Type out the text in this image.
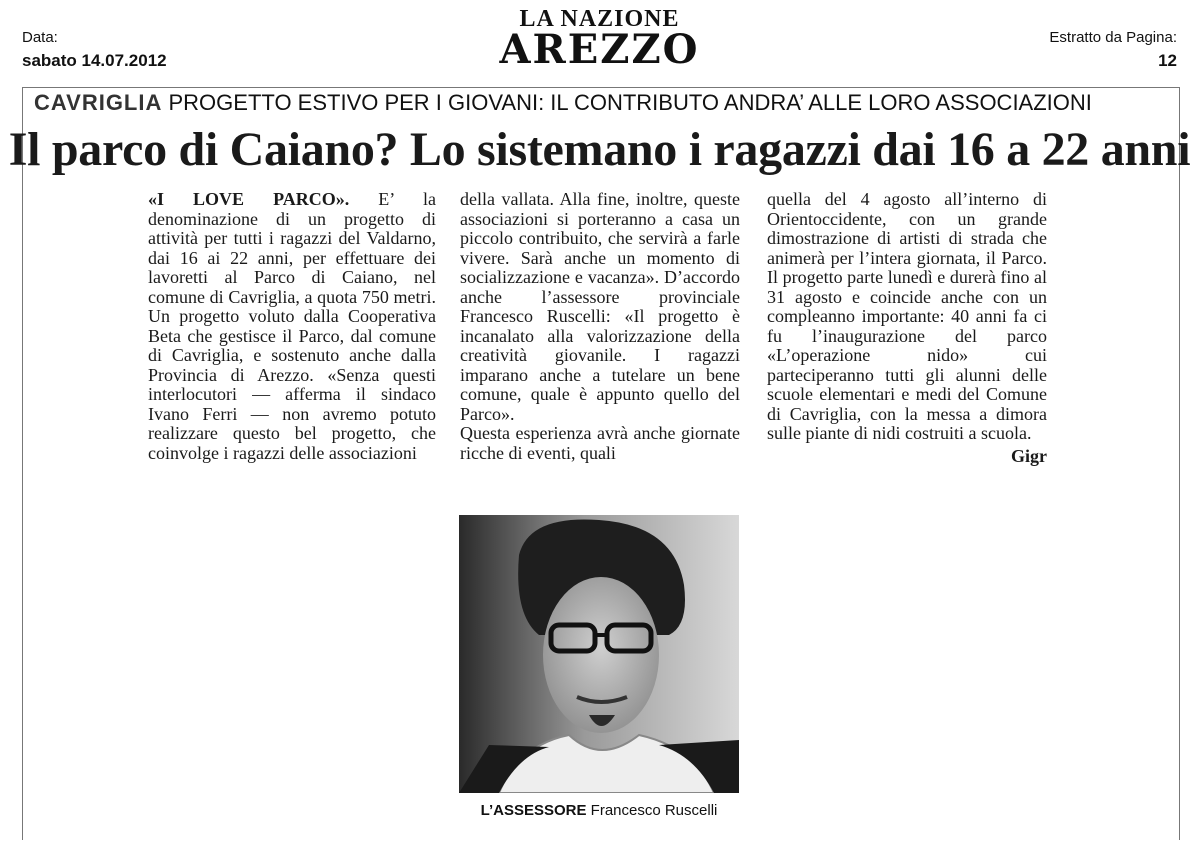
Data:
sabato 14.07.2012
LA NAZIONE
AREZZO	Estratto da Pagina:
12
CAVRIGLIA PROGETTO ESTIVO PER I GIOVANI: IL CONTRIBUTO ANDRA’ ALLE LORO ASSOCIAZIONI
Il parco di Caiano? Lo sistemano i ragazzi dai 16 a 22 anni

«I LOVE PARCO». E’ la denominazione di un progetto di attività per tutti i ragazzi del Valdarno, dai 16 ai 22 anni, per effettuare dei lavoretti al Parco di Caiano, nel comune di Cavriglia, a quota 750 metri. Un progetto voluto dalla Cooperativa Beta che gestisce il Parco, dal comune di Cavriglia, e sostenuto anche dalla Provincia di Arezzo. «Senza questi interlocutori — afferma il sindaco Ivano Ferri — non avremo potuto realizzare questo bel progetto, che coinvolge i ragazzi delle associazioni

della vallata. Alla fine, inoltre, queste associazioni si porteranno a casa un piccolo contribuito, che servirà a farle vivere. Sarà anche un momento di socializzazione e vacanza». D’accordo anche l’assessore provinciale Francesco Ruscelli: «Il progetto è incanalato alla valorizzazione della creatività giovanile. I ragazzi imparano anche a tutelare un bene comune, quale è appunto quello del Parco».

Questa esperienza avrà anche giornate ricche di eventi, quali

quella del 4 agosto all’interno di Orientoccidente, con un grande dimostrazione di artisti di strada che animerà per l’intera giornata, il Parco. Il progetto parte lunedì e durerà fino al 31 agosto e coincide anche con un compleanno importante: 40 anni fa ci fu l’inaugurazione del parco «L’operazione nido» cui parteciperanno tutti gli alunni delle scuole elementari e medi del Comune di Cavriglia, con la messa a dimora sulle piante di nidi costruiti a scuola.

Gigr
L’ASSESSORE Francesco Ruscelli
